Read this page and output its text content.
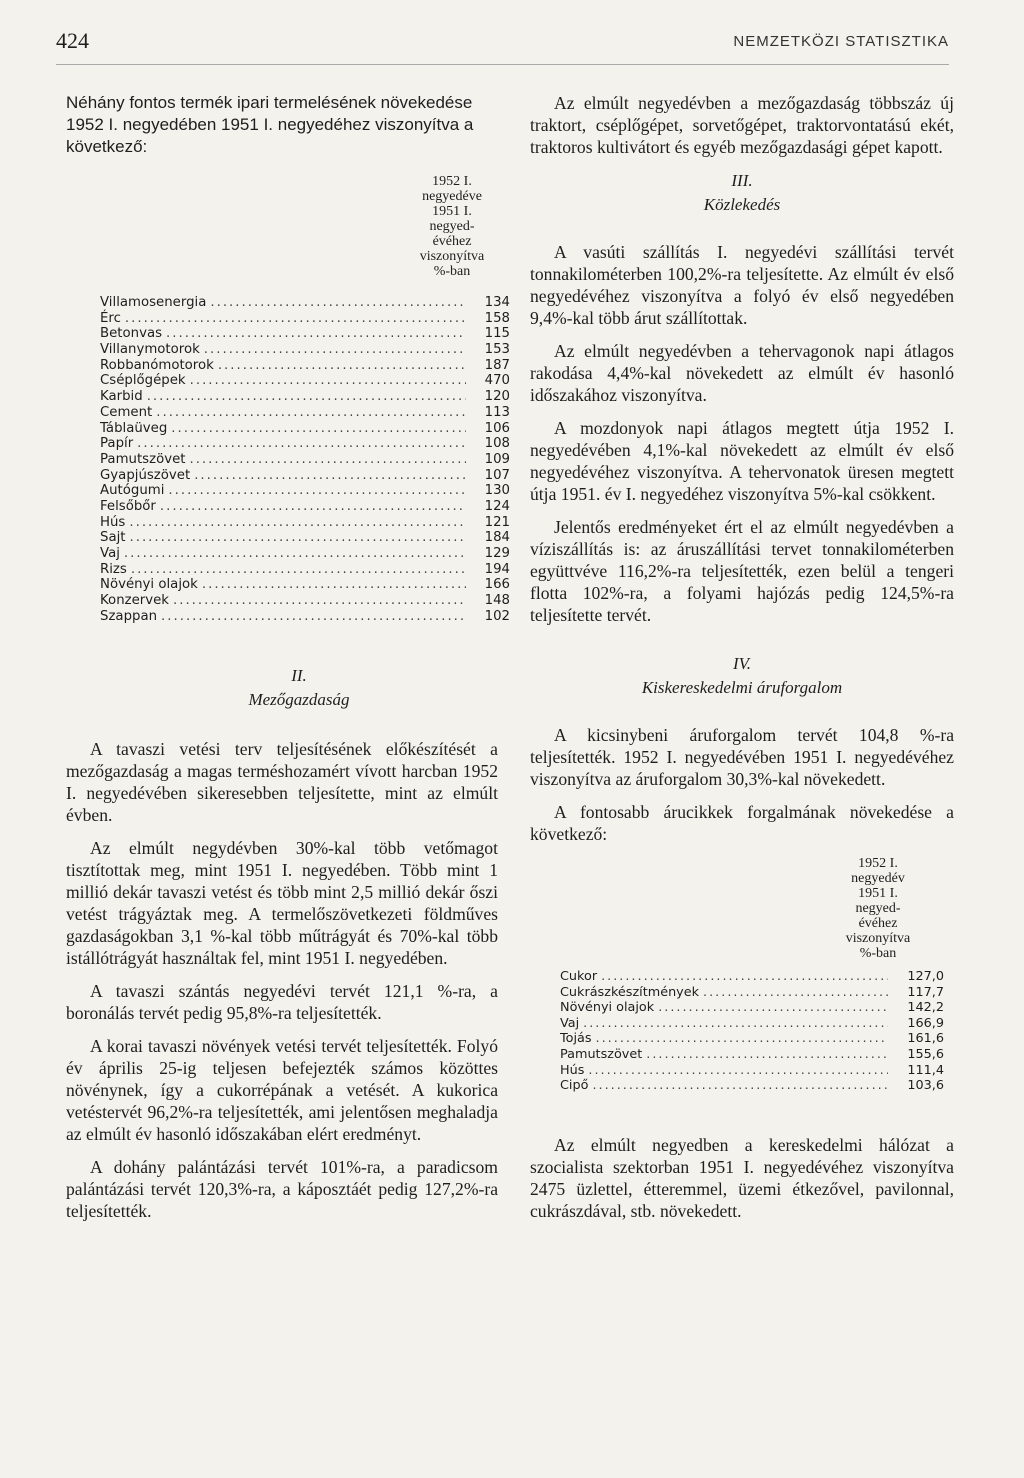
424	NEMZETKÖZI STATISZTIKA

Néhány fontos termék ipari termelésének növekedése 1952 I. negyedében 1951 I. negyedéhez viszonyítva a következő:

1952 I.
negyedéve
1951 I.
negyed-
évéhez
viszonyítva
%-ban
Villamosenergia .....	134
Érc .....	158
Betonvas .....	115
Villanymotorok .....	153
Robbanómotorok .....	187
Cséplőgépek .....	470
Karbid .....	120
Cement .....	113
Táblaüveg .....	106
Papír .....	108
Pamutszövet .....	109
Gyapjúszövet .....	107
Autógumi .....	130
Felsőbőr .....	124
Hús .....	121
Sajt .....	184
Vaj .....	129
Rizs .....	194
Növényi olajok .....	166
Konzervek .....	148
Szappan .....	102
II.
Mezőgazdaság

A tavaszi vetési terv teljesítésének előkészítését a mezőgazdaság a magas terméshozamért vívott harcban 1952 I. negyedévében sikeresebben teljesítette, mint az elmúlt évben.

Az elmúlt negydévben 30%-kal több vetőmagot tisztítottak meg, mint 1951 I. negyedében. Több mint 1 millió dekár tavaszi vetést és több mint 2,5 millió dekár őszi vetést trágyáztak meg. A termelőszövetkezeti földműves gazdaságokban 3,1 %-kal több műtrágyát és 70%-kal több istállótrágyát használtak fel, mint 1951 I. negyedében.

A tavaszi szántás negyedévi tervét 121,1 %-ra, a boronálás tervét pedig 95,8%-ra teljesítették.

A korai tavaszi növények vetési tervét teljesítették. Folyó év április 25-ig teljesen befejezték számos közöttes növénynek, így a cukorrépának a vetését. A kukorica vetéstervét 96,2%-ra teljesítették, ami jelentősen meghaladja az elmúlt év hasonló időszakában elért eredményt.

A dohány palántázási tervét 101%-ra, a paradicsom palántázási tervét 120,3%-ra, a káposztáét pedig 127,2%-ra teljesítették.

Az elmúlt negyedévben a mezőgazdaság többszáz új traktort, cséplőgépet, sorvetőgépet, traktorvontatású ekét, traktoros kultivátort és egyéb mezőgazdasági gépet kapott.

III.
Közlekedés

A vasúti szállítás I. negyedévi szállítási tervét tonnakilométerben 100,2%-ra teljesítette. Az elmúlt év első negyedévéhez viszonyítva a folyó év első negyedében 9,4%-kal több árut szállítottak.

Az elmúlt negyedévben a tehervagonok napi átlagos rakodása 4,4%-kal növekedett az elmúlt év hasonló időszakához viszonyítva.

A mozdonyok napi átlagos megtett útja 1952 I. negyedévében 4,1%-kal növekedett az elmúlt év első negyedévéhez viszonyítva. A tehervonatok üresen megtett útja 1951. év I. negyedéhez viszonyítva 5%-kal csökkent.

Jelentős eredményeket ért el az elmúlt negyedévben a víziszállítás is: az áruszállítási tervet tonnakilométerben együttvéve 116,2%-ra teljesítették, ezen belül a tengeri flotta 102%-ra, a folyami hajózás pedig 124,5%-ra teljesítette tervét.

IV.
Kiskereskedelmi áruforgalom

A kicsinybeni áruforgalom tervét 104,8 %-ra teljesítették. 1952 I. negyedévében 1951 I. negyedévéhez viszonyítva az áruforgalom 30,3%-kal növekedett.

A fontosabb árucikkek forgalmának növekedése a következő:

1952 I.
negyedév
1951 I.
negyed-
évéhez
viszonyítva
%-ban
Cukor .....	127,0
Cukrászkészítmények .....	117,7
Növényi olajok .....	142,2
Vaj .....	166,9
Tojás .....	161,6
Pamutszövet .....	155,6
Hús .....	111,4
Cipő .....	103,6

Az elmúlt negyedben a kereskedelmi hálózat a szocialista szektorban 1951 I. negyedévéhez viszonyítva 2475 üzlettel, étteremmel, üzemi étkezővel, pavilonnal, cukrászdával, stb. növekedett.
